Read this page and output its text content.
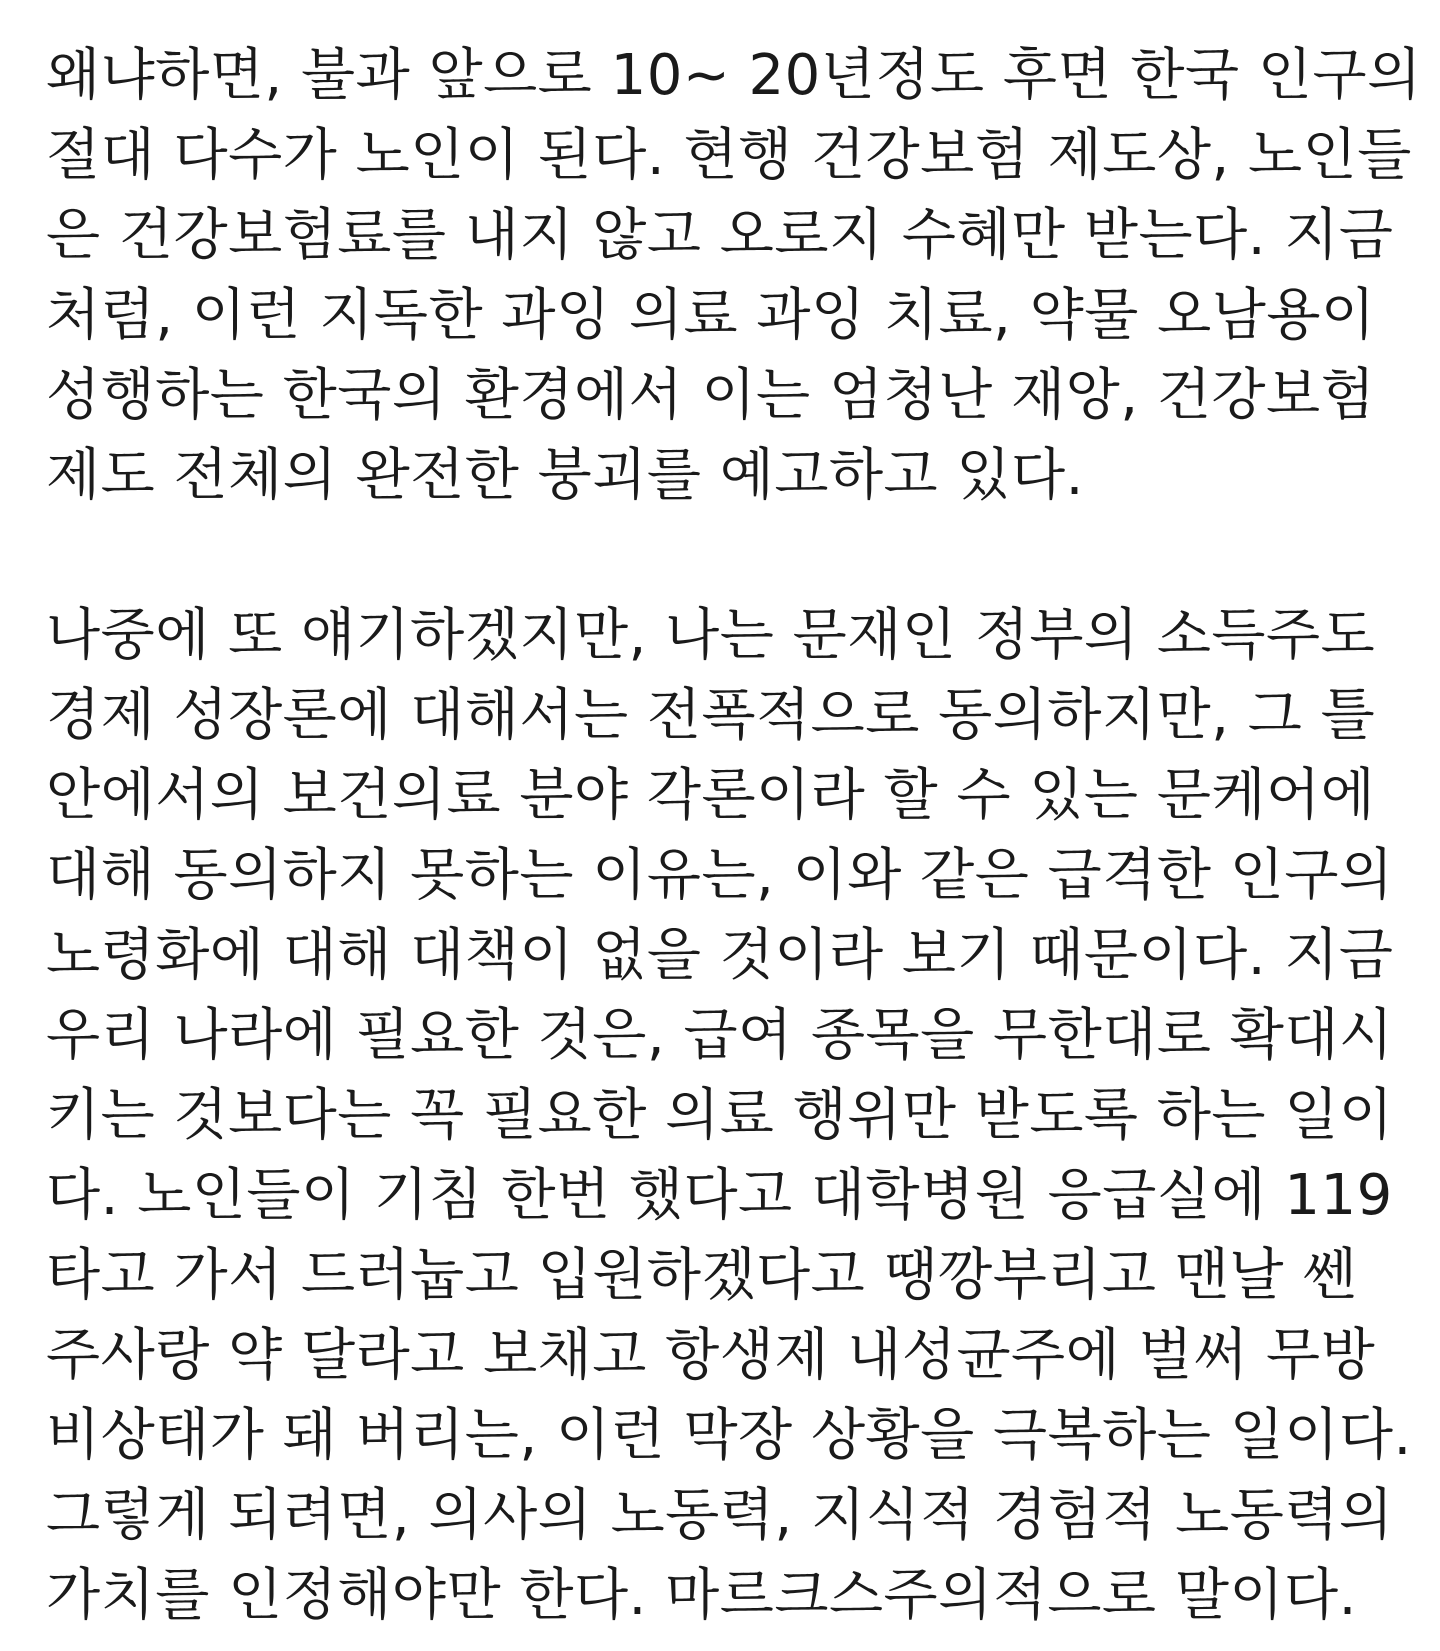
왜냐하면, 불과 앞으로 10~ 20년정도 후면 한국 인구의
절대 다수가 노인이 된다. 현행 건강보험 제도상, 노인들
은 건강보험료를 내지 않고 오로지 수혜만 받는다. 지금
처럼, 이런 지독한 과잉 의료 과잉 치료, 약물 오남용이
성행하는 한국의 환경에서 이는 엄청난 재앙, 건강보험
제도 전체의 완전한 붕괴를 예고하고 있다.
나중에 또 얘기하겠지만, 나는 문재인 정부의 소득주도
경제 성장론에 대해서는 전폭적으로 동의하지만, 그 틀
안에서의 보건의료 분야 각론이라 할 수 있는 문케어에
대해 동의하지 못하는 이유는, 이와 같은 급격한 인구의
노령화에 대해 대책이 없을 것이라 보기 때문이다. 지금
우리 나라에 필요한 것은, 급여 종목을 무한대로 확대시
키는 것보다는 꼭 필요한 의료 행위만 받도록 하는 일이
다. 노인들이 기침 한번 했다고 대학병원 응급실에 119
타고 가서 드러눕고 입원하겠다고 땡깡부리고 맨날 쎈
주사랑 약 달라고 보채고 항생제 내성균주에 벌써 무방
비상태가 돼 버리는, 이런 막장 상황을 극복하는 일이다.
그렇게 되려면, 의사의 노동력, 지식적 경험적 노동력의
가치를 인정해야만 한다. 마르크스주의적으로 말이다.
